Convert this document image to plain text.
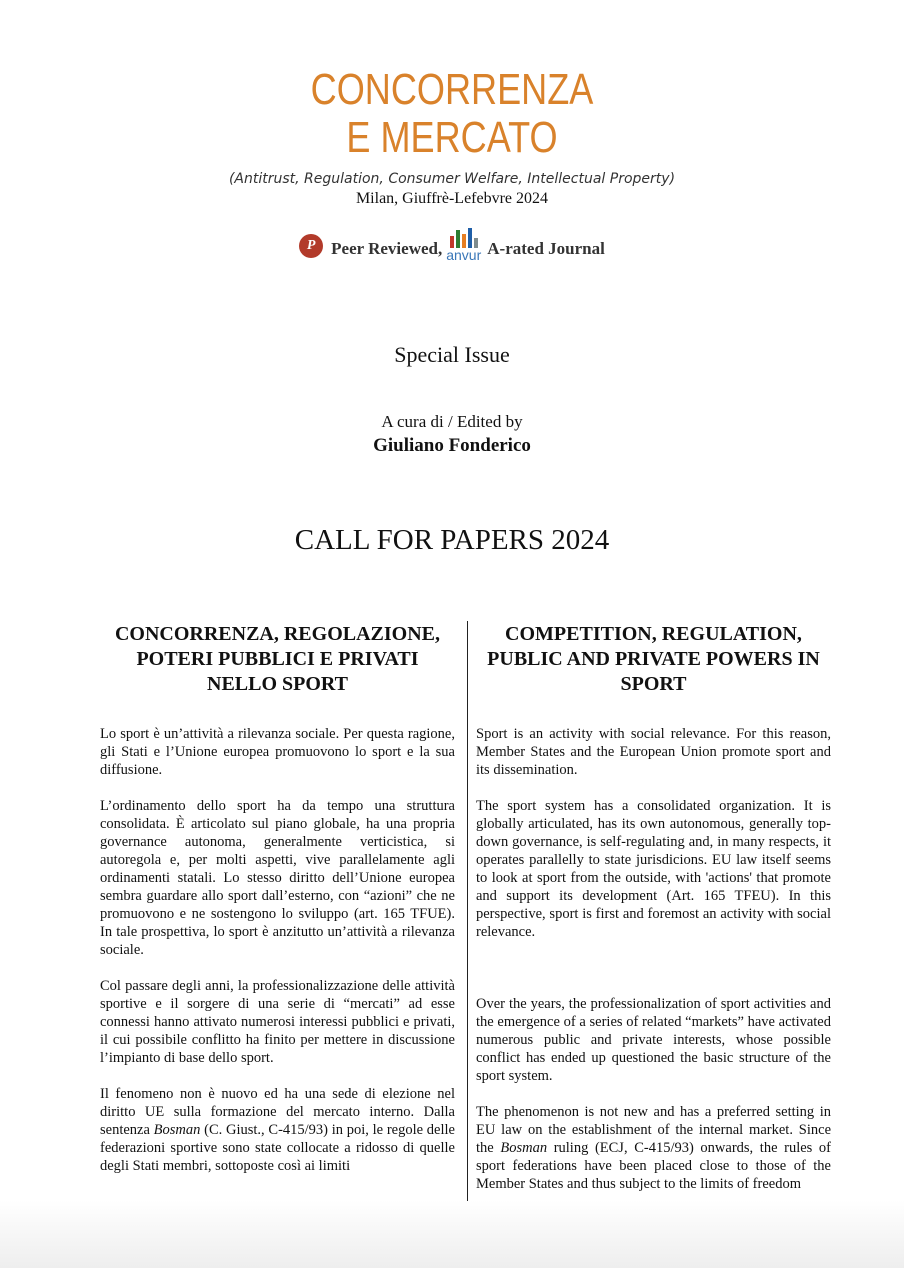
CONCORRENZA
E MERCATO
(Antitrust, Regulation, Consumer Welfare, Intellectual Property)
Milan, Giuffrè-Lefebvre 2024
P Peer Reviewed, anvur A-rated Journal
Special Issue
A cura di / Edited by
Giuliano Fonderico
CALL FOR PAPERS 2024
CONCORRENZA, REGOLAZIONE, POTERI PUBBLICI E PRIVATI NELLO SPORT

Lo sport è un’attività a rilevanza sociale. Per questa ragione, gli Stati e l’Unione europea promuovono lo sport e la sua diffusione.

L’ordinamento dello sport ha da tempo una struttura consolidata. È articolato sul piano globale, ha una propria governance autonoma, generalmente verticistica, si autoregola e, per molti aspetti, vive parallelamente agli ordinamenti statali. Lo stesso diritto dell’Unione europea sembra guardare allo sport dall’esterno, con “azioni” che ne promuovono e ne sostengono lo sviluppo (art. 165 TFUE). In tale prospettiva, lo sport è anzitutto un’attività a rilevanza sociale.

Col passare degli anni, la professionalizzazione delle attività sportive e il sorgere di una serie di “mercati” ad esse connessi hanno attivato numerosi interessi pubblici e privati, il cui possibile conflitto ha finito per mettere in discussione l’impianto di base dello sport.

Il fenomeno non è nuovo ed ha una sede di elezione nel diritto UE sulla formazione del mercato interno. Dalla sentenza Bosman (C. Giust., C-415/93) in poi, le regole delle federazioni sportive sono state collocate a ridosso di quelle degli Stati membri, sottoposte così ai limiti

COMPETITION, REGULATION, PUBLIC AND PRIVATE POWERS IN SPORT

Sport is an activity with social relevance. For this reason, Member States and the European Union promote sport and its dissemination.

The sport system has a consolidated organization. It is globally articulated, has its own autonomous, generally top-down governance, is self-regulating and, in many respects, it operates parallelly to state jurisdicions. EU law itself seems to look at sport from the outside, with 'actions' that promote and support its development (Art. 165 TFEU). In this perspective, sport is first and foremost an activity with social relevance.

Over the years, the professionalization of sport activities and the emergence of a series of related “markets” have activated numerous public and private interests, whose possible conflict has ended up questioned the basic structure of the sport system.

The phenomenon is not new and has a preferred setting in EU law on the establishment of the internal market. Since the Bosman ruling (ECJ, C-415/93) onwards, the rules of sport federations have been placed close to those of the Member States and thus subject to the limits of freedom
